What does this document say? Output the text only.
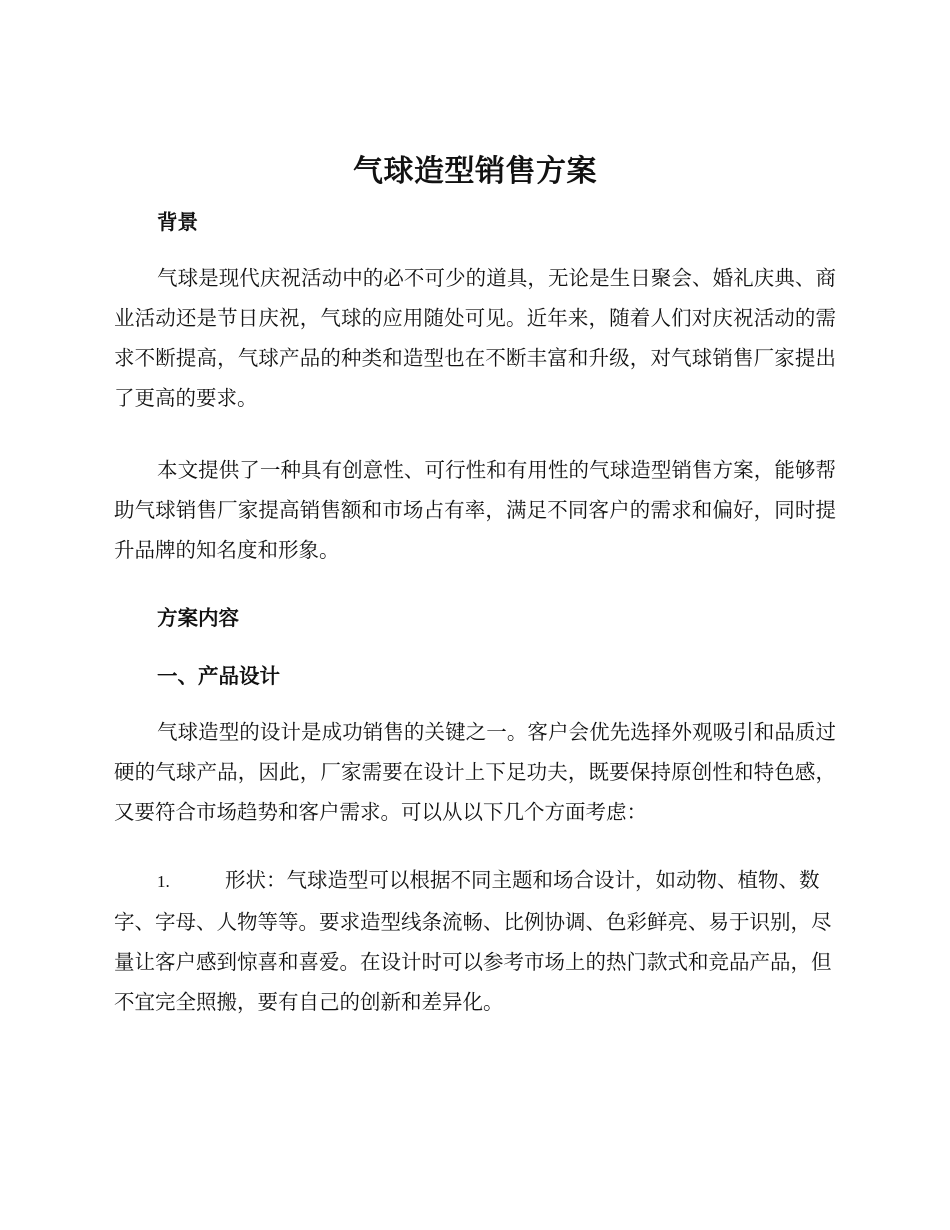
气球造型销售方案
背景
气球是现代庆祝活动中的必不可少的道具，无论是生日聚会、婚礼庆典、商业活动还是节日庆祝，气球的应用随处可见。近年来，随着人们对庆祝活动的需求不断提高，气球产品的种类和造型也在不断丰富和升级，对气球销售厂家提出了更高的要求。
本文提供了一种具有创意性、可行性和有用性的气球造型销售方案，能够帮助气球销售厂家提高销售额和市场占有率，满足不同客户的需求和偏好，同时提升品牌的知名度和形象。
方案内容
一、产品设计
气球造型的设计是成功销售的关键之一。客户会优先选择外观吸引和品质过硬的气球产品，因此，厂家需要在设计上下足功夫，既要保持原创性和特色感，又要符合市场趋势和客户需求。可以从以下几个方面考虑：
1.	形状：气球造型可以根据不同主题和场合设计，如动物、植物、数字、字母、人物等等。要求造型线条流畅、比例协调、色彩鲜亮、易于识别，尽量让客户感到惊喜和喜爱。在设计时可以参考市场上的热门款式和竞品产品，但不宜完全照搬，要有自己的创新和差异化。
